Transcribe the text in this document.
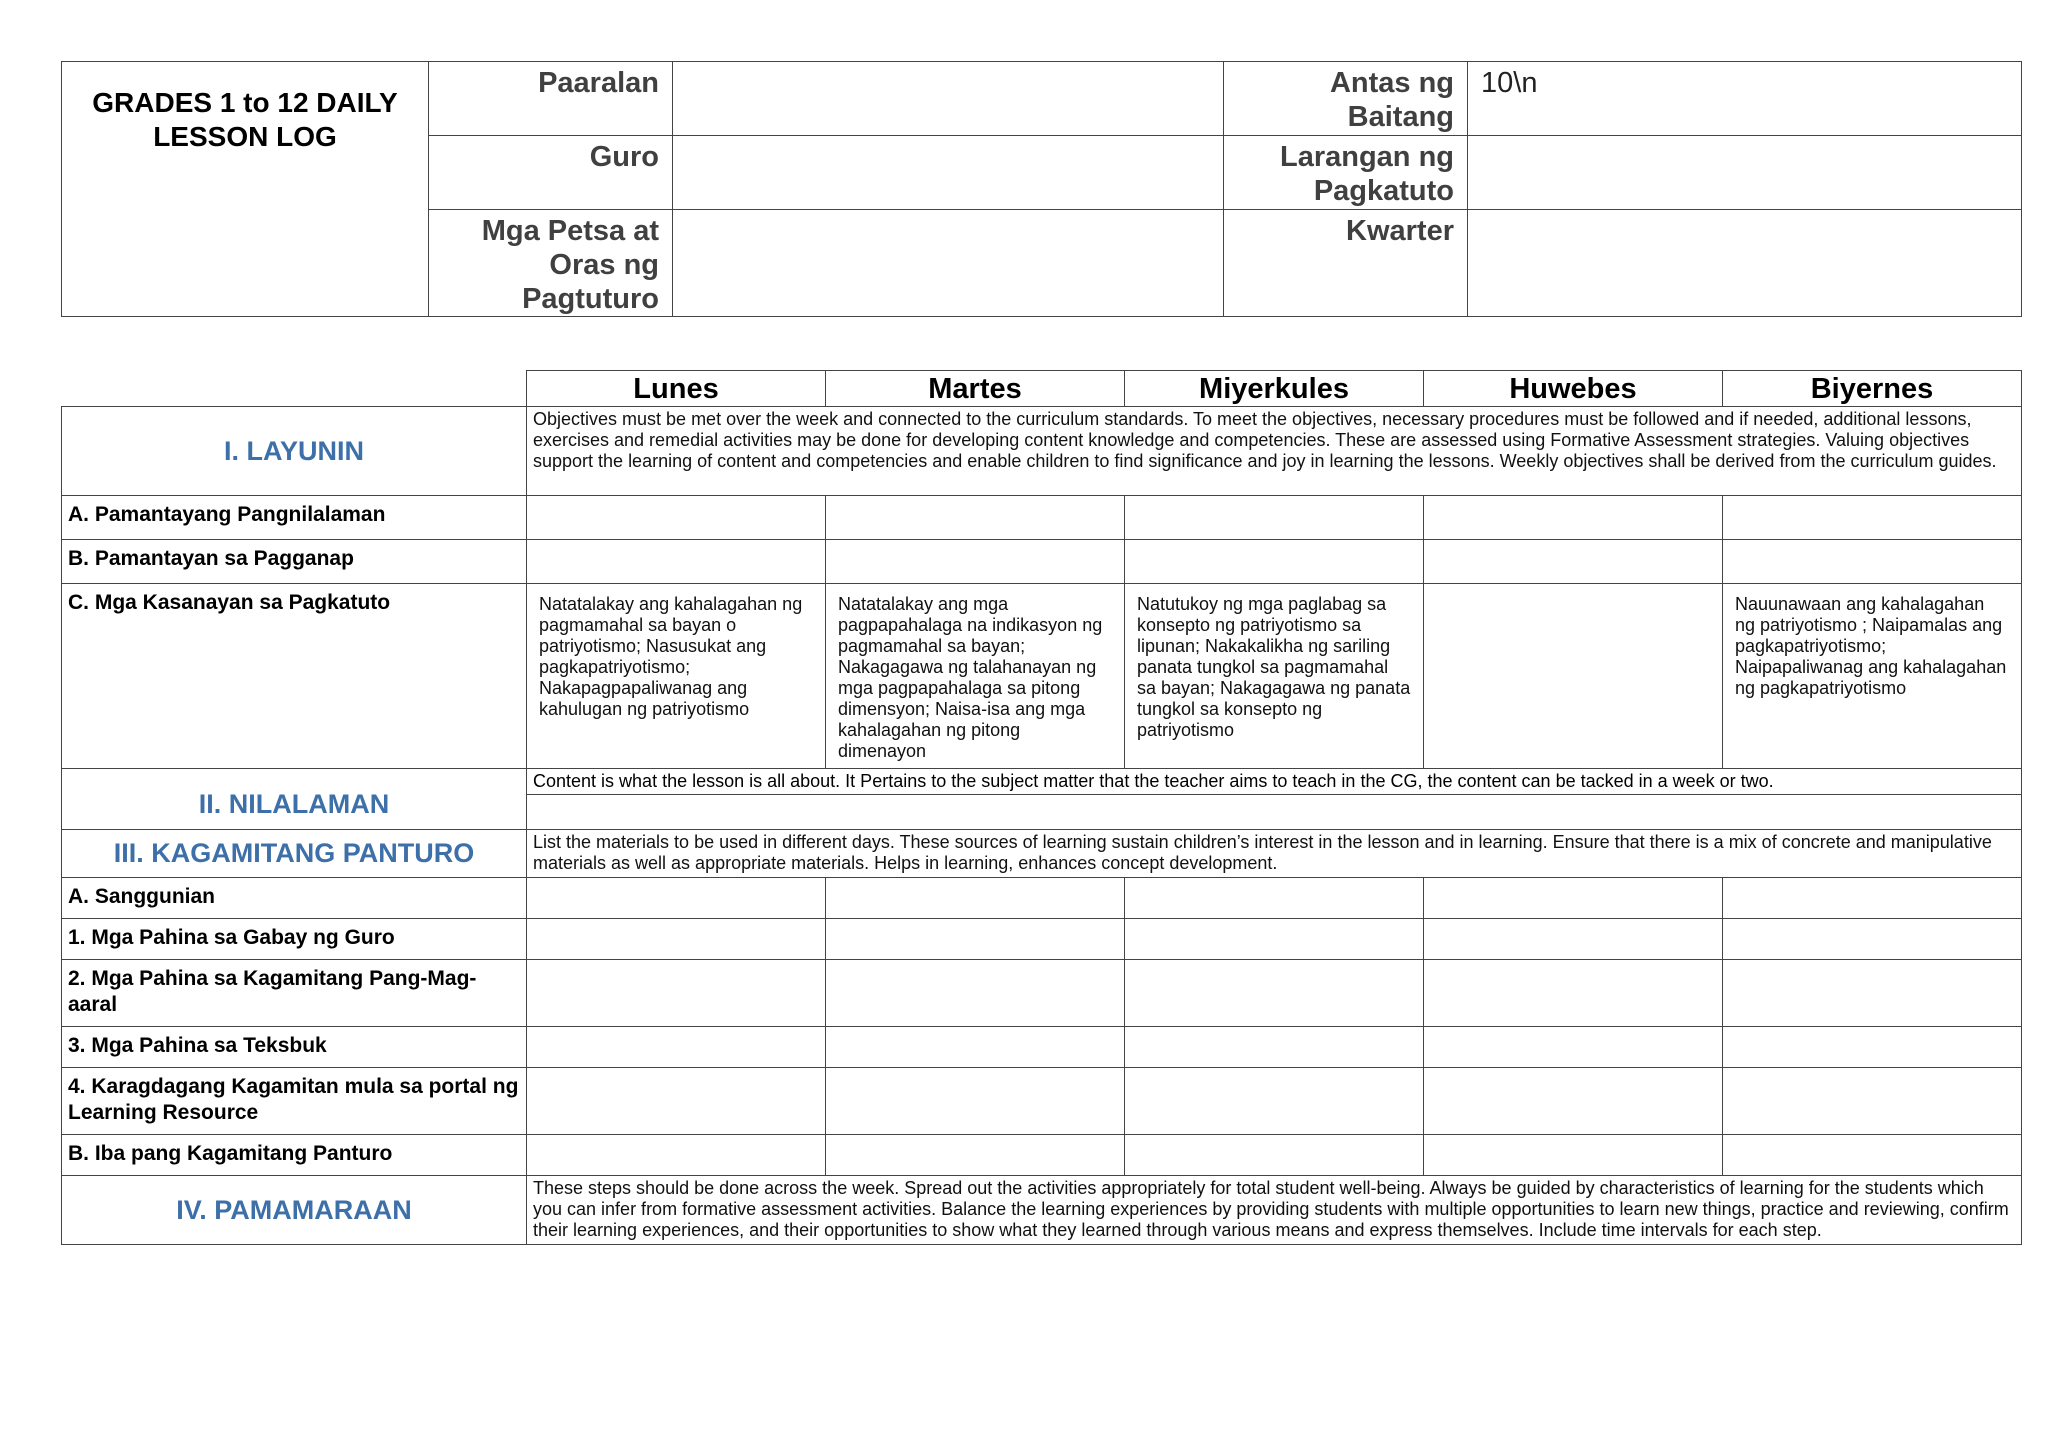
GRADES 1 to 12 DAILY LESSON LOG	Paaralan		Antas ng Baitang	10\n
	Guro		Larangan ng Pagkatuto	
	Mga Petsa at Oras ng Pagtuturo		Kwarter	
	Lunes	Martes	Miyerkules	Huwebes	Biyernes
I. LAYUNIN	Objectives must be met over the week and connected to the curriculum standards. To meet the objectives, necessary procedures must be followed and if needed, additional lessons, exercises and remedial activities may be done for developing content knowledge and competencies. These are assessed using Formative Assessment strategies. Valuing objectives support the learning of content and competencies and enable children to find significance and joy in learning the lessons. Weekly objectives shall be derived from the curriculum guides.				
A. Pamantayang Pangnilalaman					
B. Pamantayan sa Pagganap					
C. Mga Kasanayan sa Pagkatuto	Natatalakay ang kahalagahan ng pagmamahal sa bayan o patriyotismo; Nasusukat ang pagkapatriyotismo; Nakapagpapaliwanag ang kahulugan ng patriyotismo	Natatalakay ang mga pagpapahalaga na indikasyon ng pagmamahal sa bayan; Nakagagawa ng talahanayan ng mga pagpapahalaga sa pitong dimensyon; Naisa-isa ang mga kahalagahan ng pitong dimenayon	Natutukoy ng mga paglabag sa konsepto ng patriyotismo sa lipunan; Nakakalikha ng sariling panata tungkol sa pagmamahal sa bayan; Nakagagawa ng panata tungkol sa konsepto ng patriyotismo		Nauunawaan ang kahalagahan ng patriyotismo ; Naipamalas ang pagkapatriyotismo; Naipapaliwanag ang kahalagahan ng pagkapatriyotismo
II. NILALAMAN	Content is what the lesson is all about. It Pertains to the subject matter that the teacher aims to teach in the CG, the content can be tacked in a week or two.				

III. KAGAMITANG PANTURO	List the materials to be used in different days. These sources of learning sustain children’s interest in the lesson and in learning. Ensure that there is a mix of concrete and manipulative materials as well as appropriate materials. Helps in learning, enhances concept development.				
A. Sanggunian					
1. Mga Pahina sa Gabay ng Guro					
2. Mga Pahina sa Kagamitang Pang-Mag-aaral					
3. Mga Pahina sa Teksbuk					
4. Karagdagang Kagamitan mula sa portal ng Learning Resource					
B. Iba pang Kagamitang Panturo					
IV. PAMAMARAAN	These steps should be done across the week. Spread out the activities appropriately for total student well-being. Always be guided by characteristics of learning for the students which you can infer from formative assessment activities. Balance the learning experiences by providing students with multiple opportunities to learn new things, practice and reviewing, confirm their learning experiences, and their opportunities to show what they learned through various means and express themselves. Include time intervals for each step.				
